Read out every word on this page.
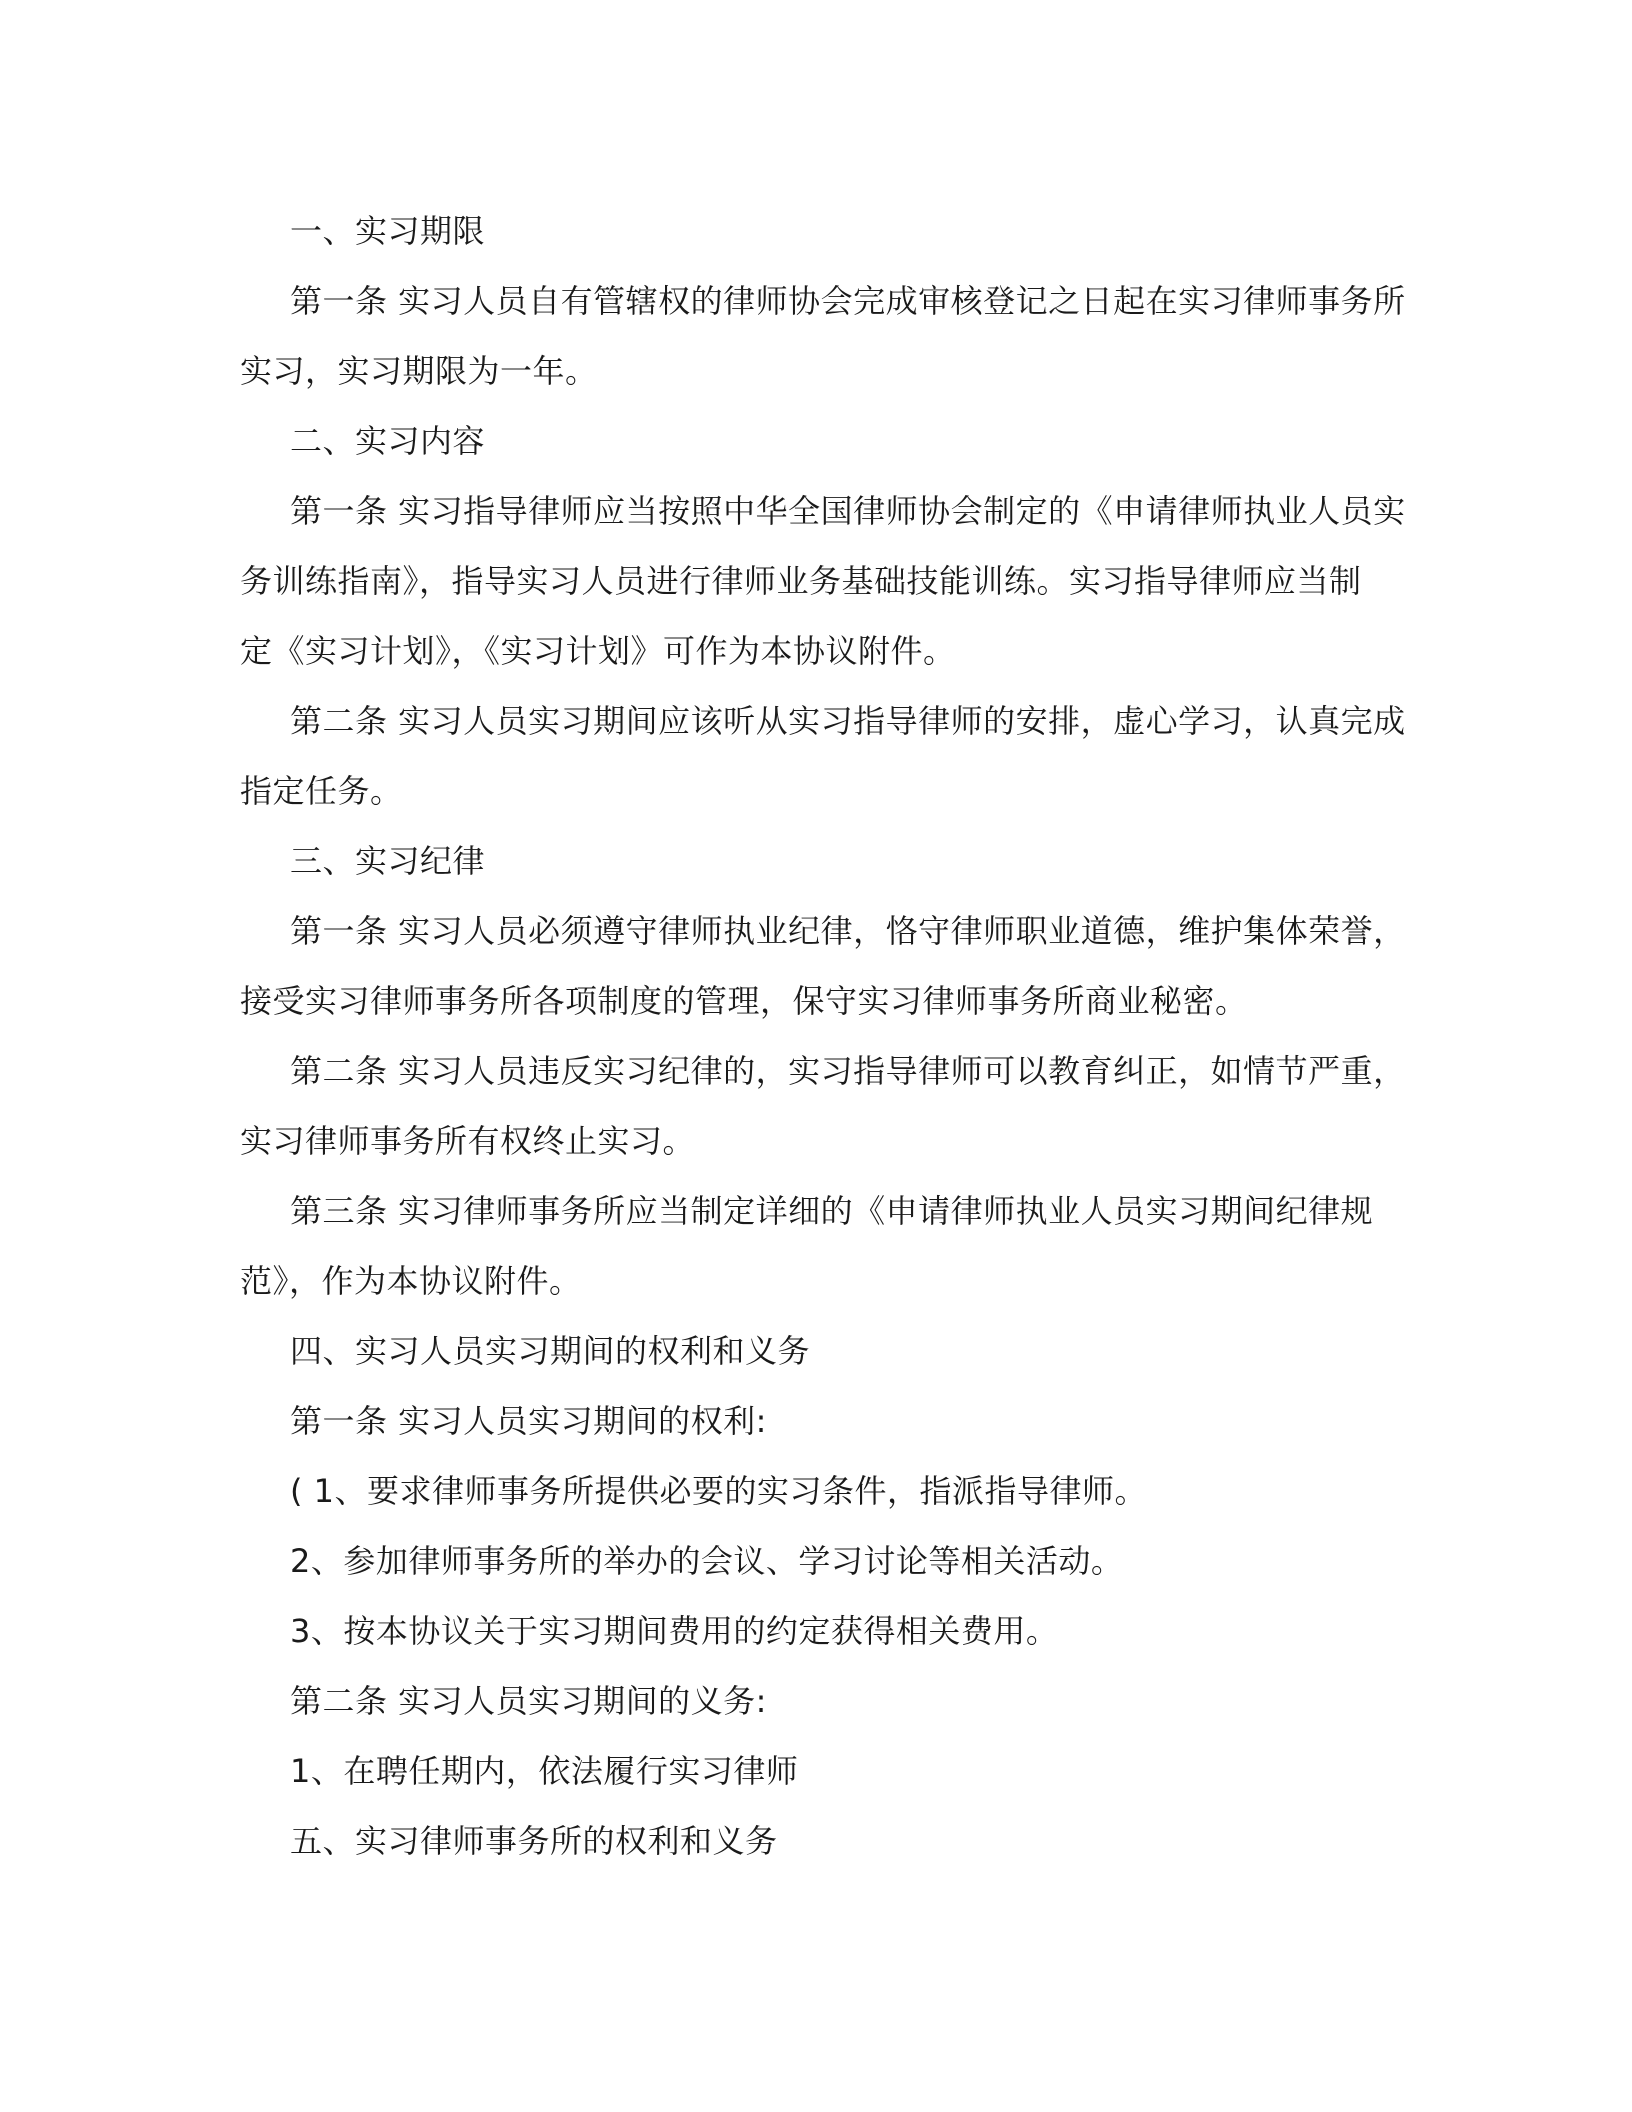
一、实习期限
第一条 实习人员自有管辖权的律师协会完成审核登记之日起在实习律师事务所
实习，实习期限为一年。
二、实习内容
第一条 实习指导律师应当按照中华全国律师协会制定的《申请律师执业人员实
务训练指南》，指导实习人员进行律师业务基础技能训练。实习指导律师应当制
定《实习计划》，《实习计划》可作为本协议附件。
第二条 实习人员实习期间应该听从实习指导律师的安排，虚心学习，认真完成
指定任务。
三、实习纪律
第一条 实习人员必须遵守律师执业纪律，恪守律师职业道德，维护集体荣誉，
接受实习律师事务所各项制度的管理，保守实习律师事务所商业秘密。
第二条 实习人员违反实习纪律的，实习指导律师可以教育纠正，如情节严重，
实习律师事务所有权终止实习。
第三条 实习律师事务所应当制定详细的《申请律师执业人员实习期间纪律规
范》，作为本协议附件。
四、实习人员实习期间的权利和义务
第一条 实习人员实习期间的权利:
( 1、要求律师事务所提供必要的实习条件，指派指导律师。
2、参加律师事务所的举办的会议、学习讨论等相关活动。
3、按本协议关于实习期间费用的约定获得相关费用。
第二条 实习人员实习期间的义务:
1、在聘任期内，依法履行实习律师
五、实习律师事务所的权利和义务
